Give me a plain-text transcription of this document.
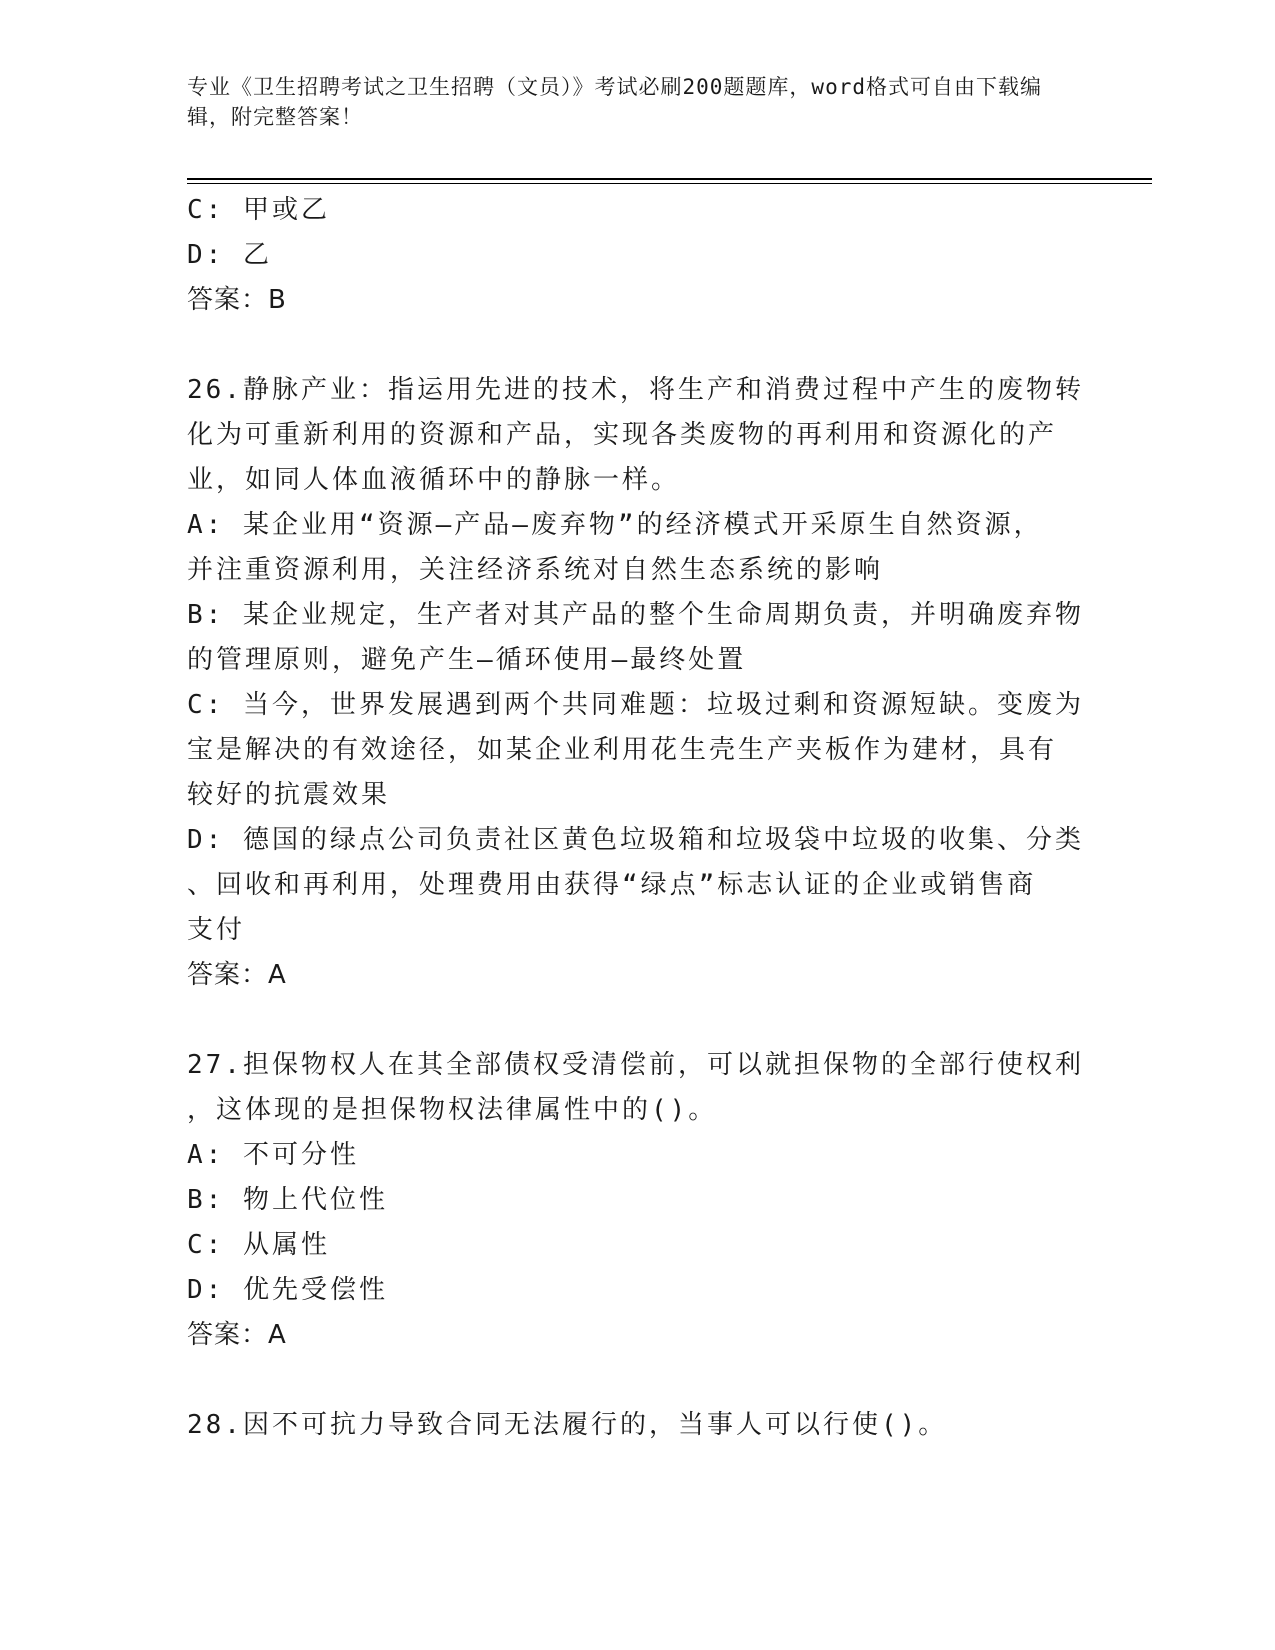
专业《卫生招聘考试之卫生招聘（文员）》考试必刷200题题库，word格式可自由下载编辑，附完整答案！

C: 甲或乙

D: 乙

答案：B

26.静脉产业：指运用先进的技术，将生产和消费过程中产生的废物转

化为可重新利用的资源和产品，实现各类废物的再利用和资源化的产

业，如同人体血液循环中的静脉一样。

A: 某企业用“资源—产品—废弃物”的经济模式开采原生自然资源，

并注重资源利用，关注经济系统对自然生态系统的影响

B: 某企业规定，生产者对其产品的整个生命周期负责，并明确废弃物

的管理原则，避免产生—循环使用—最终处置

C: 当今，世界发展遇到两个共同难题：垃圾过剩和资源短缺。变废为

宝是解决的有效途径，如某企业利用花生壳生产夹板作为建材，具有

较好的抗震效果

D: 德国的绿点公司负责社区黄色垃圾箱和垃圾袋中垃圾的收集、分类

、回收和再利用，处理费用由获得“绿点”标志认证的企业或销售商

支付

答案：A

27.担保物权人在其全部债权受清偿前，可以就担保物的全部行使权利

，这体现的是担保物权法律属性中的()。

A: 不可分性

B: 物上代位性

C: 从属性

D: 优先受偿性

答案：A

28.因不可抗力导致合同无法履行的，当事人可以行使()。
